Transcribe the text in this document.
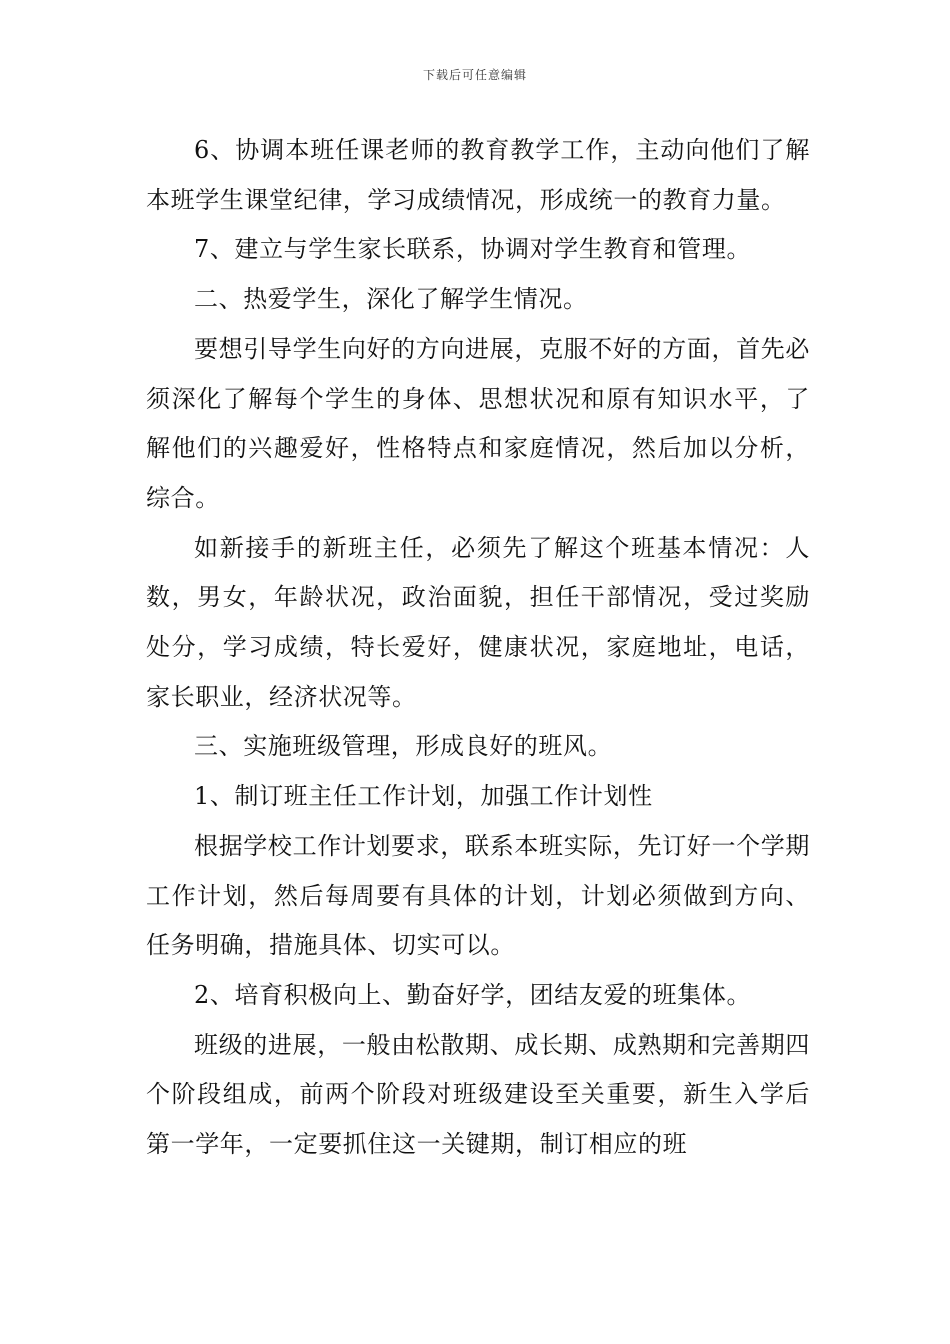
下载后可任意编辑

6、协调本班任课老师的教育教学工作，主动向他们了解本班学生课堂纪律，学习成绩情况，形成统一的教育力量。

7、建立与学生家长联系，协调对学生教育和管理。

二、热爱学生，深化了解学生情况。

要想引导学生向好的方向进展，克服不好的方面，首先必须深化了解每个学生的身体、思想状况和原有知识水平，了解他们的兴趣爱好，性格特点和家庭情况，然后加以分析，综合。

如新接手的新班主任，必须先了解这个班基本情况：人数，男女，年龄状况，政治面貌，担任干部情况，受过奖励处分，学习成绩，特长爱好，健康状况，家庭地址，电话，家长职业，经济状况等。

三、实施班级管理，形成良好的班风。

1、制订班主任工作计划，加强工作计划性

根据学校工作计划要求，联系本班实际，先订好一个学期工作计划，然后每周要有具体的计划，计划必须做到方向、任务明确，措施具体、切实可以。

2、培育积极向上、勤奋好学，团结友爱的班集体。

班级的进展，一般由松散期、成长期、成熟期和完善期四个阶段组成，前两个阶段对班级建设至关重要，新生入学后第一学年，一定要抓住这一关键期，制订相应的班
